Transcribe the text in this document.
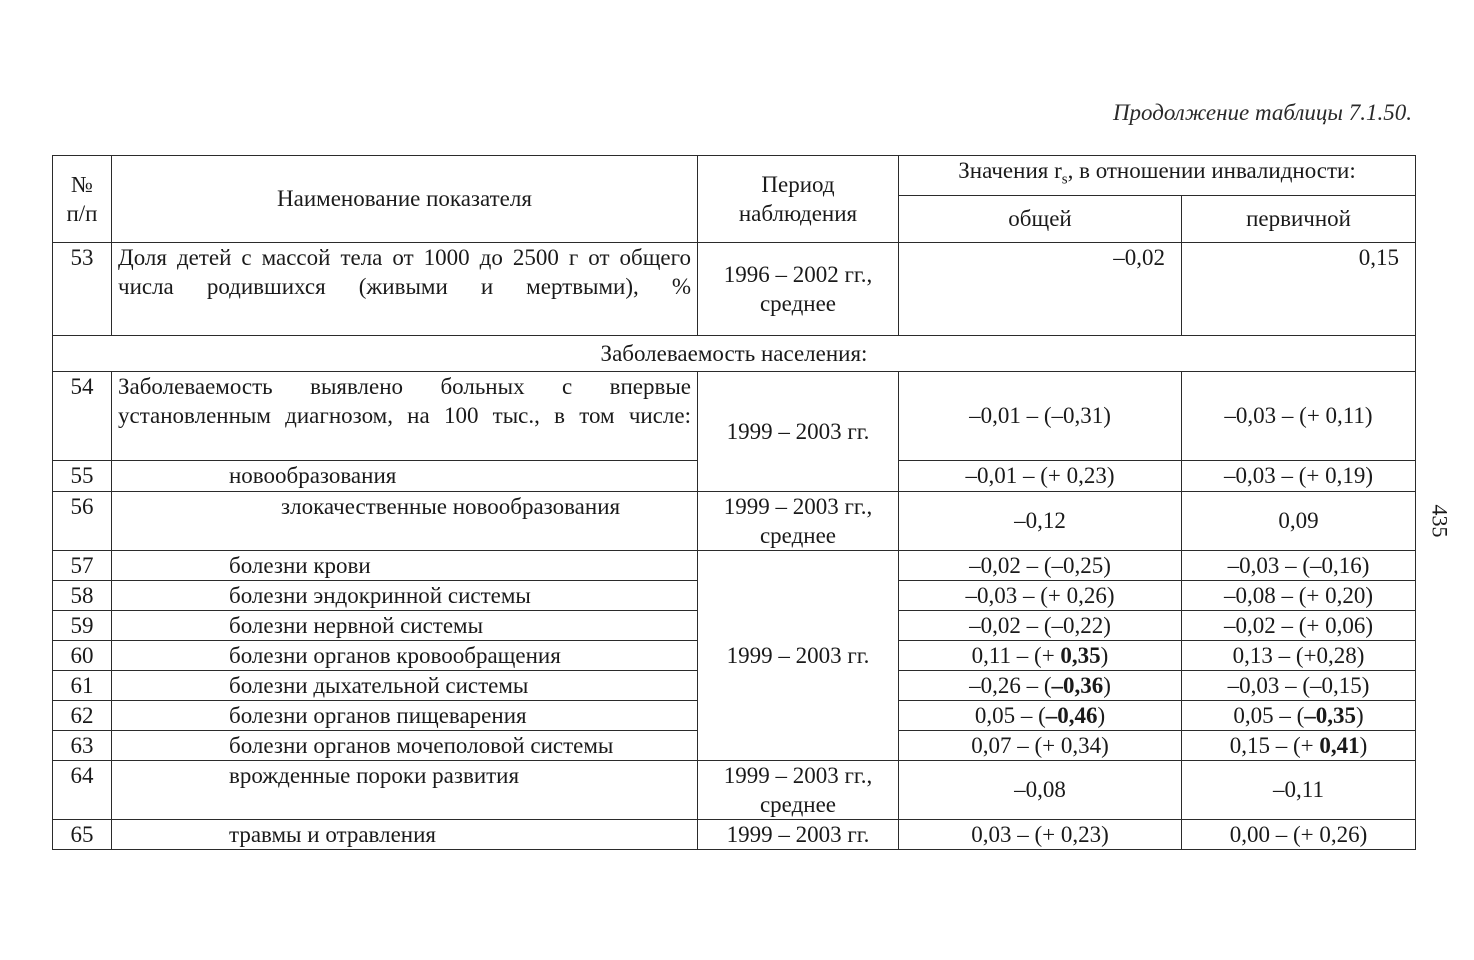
Продолжение таблицы 7.1.50.
435
№ п/п	Наименование показателя	Период наблюдения	Значения $r_s$, в отношении инвалидности:	
			общей	первичной
53	Доля детей с массой тела от 1000 до 2500 г от общего числа родившихся (живыми и мертвыми), %	1996 – 2002 гг., среднее	–0,02	0,15
Заболеваемость населения:				
54	Заболеваемость выявлено больных с впервые установленным диагнозом, на 100 тыс., в том числе:	1999 – 2003 гг.	–0,01 – (–0,31)	–0,03 – (+ 0,11)
55	новообразования		–0,01 – (+ 0,23)	–0,03 – (+ 0,19)
56	злокачественные новообразования	1999 – 2003 гг., среднее	–0,12	0,09
57	болезни крови	1999 – 2003 гг.	–0,02 – (–0,25)	–0,03 – (–0,16)
58	болезни эндокринной системы		–0,03 – (+ 0,26)	–0,08 – (+ 0,20)
59	болезни нервной системы		–0,02 – (–0,22)	–0,02 – (+ 0,06)
60	болезни органов кровообращения		0,11 – (+ 0,35)	0,13 – (+0,28)
61	болезни дыхательной системы		–0,26 – (–0,36)	–0,03 – (–0,15)
62	болезни органов пищеварения		0,05 – (–0,46)	0,05 – (–0,35)
63	болезни органов мочеполовой системы		0,07 – (+ 0,34)	0,15 – (+ 0,41)
64	врожденные пороки развития	1999 – 2003 гг., среднее	–0,08	–0,11
65	травмы и отравления	1999 – 2003 гг.	0,03 – (+ 0,23)	0,00 – (+ 0,26)
